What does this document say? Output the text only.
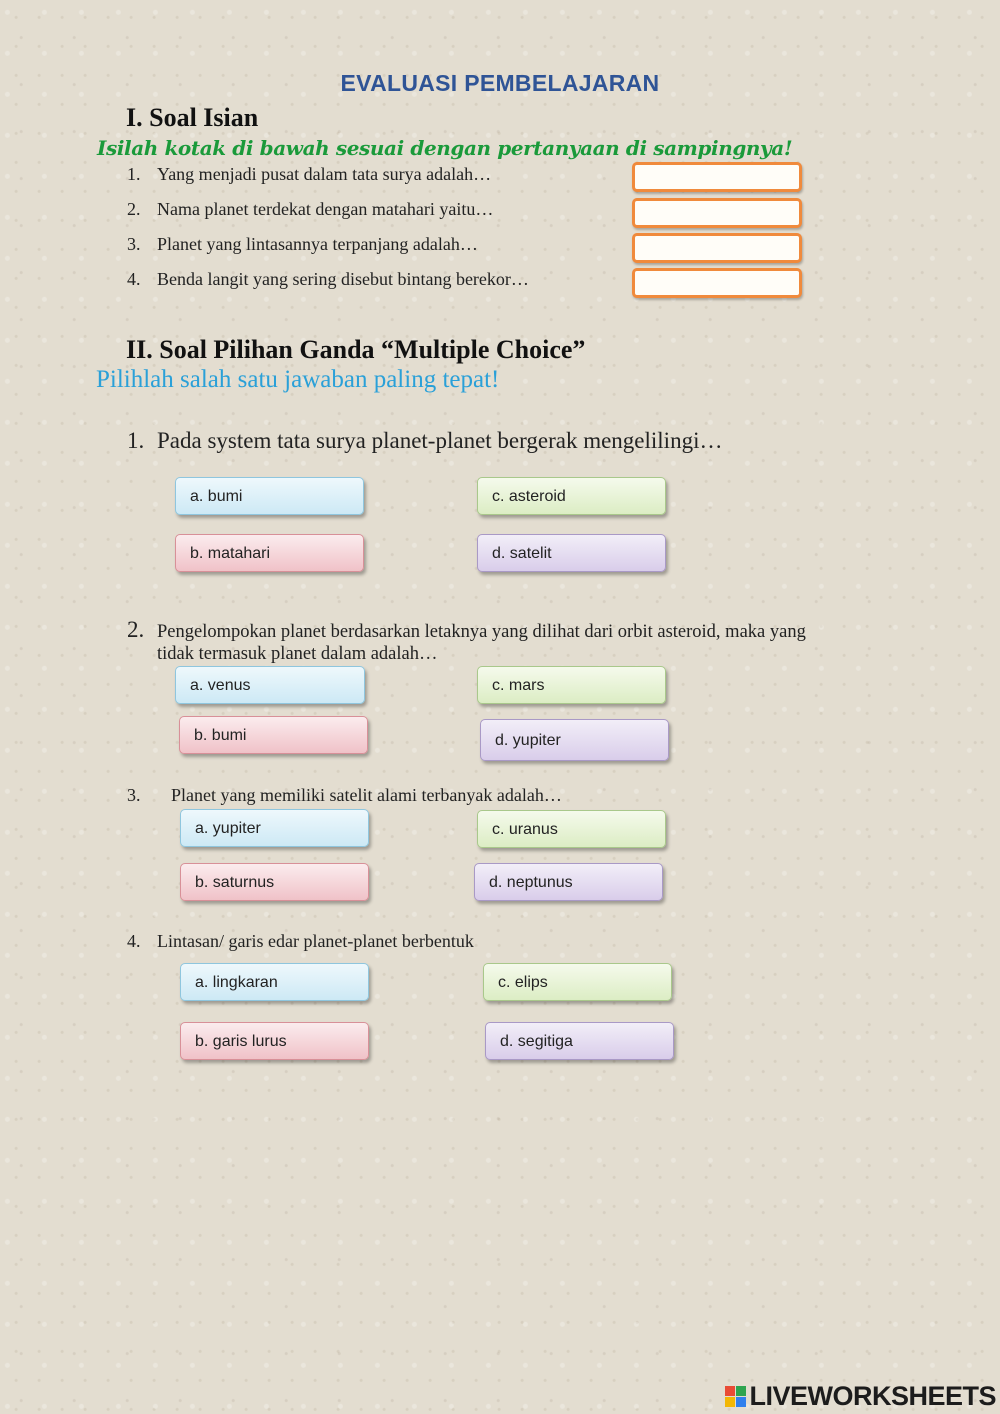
EVALUASI PEMBELAJARAN
I. Soal Isian
Isilah kotak di bawah sesuai dengan pertanyaan di sampingnya!
1. Yang menjadi pusat dalam tata surya adalah…
2. Nama planet terdekat dengan matahari yaitu…
3. Planet yang lintasannya terpanjang adalah…
4. Benda langit yang sering disebut bintang berekor…
II. Soal Pilihan Ganda “Multiple Choice”
Pilihlah salah satu jawaban paling tepat!
1. Pada system tata surya planet-planet bergerak mengelilingi…
a. bumi	c. asteroid
b. matahari	d. satelit
2. Pengelompokan planet berdasarkan letaknya yang dilihat dari orbit asteroid, maka yang
tidak termasuk planet dalam adalah…
a. venus	c. mars
b. bumi	d. yupiter
3. Planet yang memiliki satelit alami terbanyak adalah…
a. yupiter	c. uranus
b. saturnus	d. neptunus
4. Lintasan/ garis edar planet-planet berbentuk
a. lingkaran	c. elips
b. garis lurus	d. segitiga
LIVEWORKSHEETS
